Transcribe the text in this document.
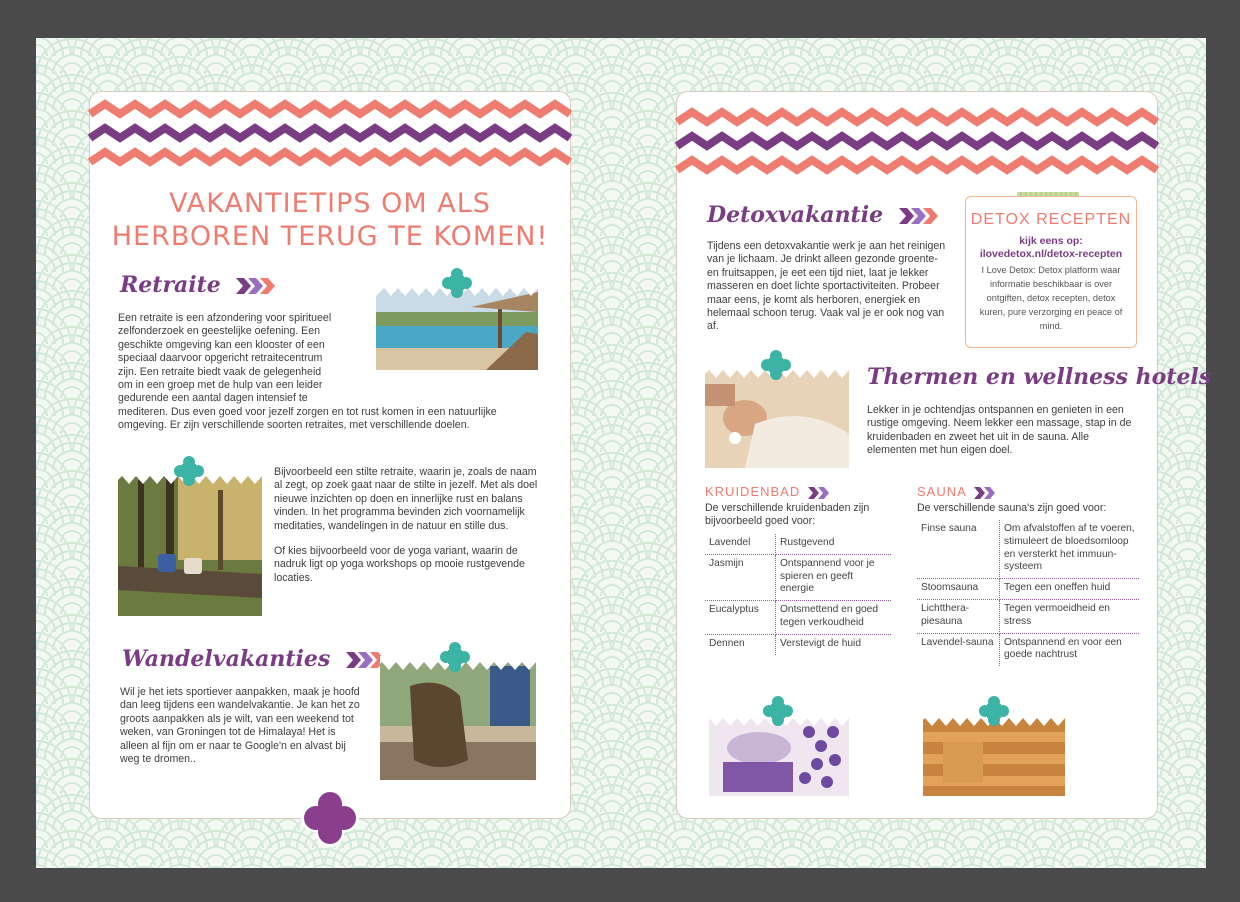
VAKANTIETIPS OM ALS
HERBOREN TERUG TE KOMEN!
Retraite
Een retraite is een afzondering voor spiritueel
zelfonderzoek en geestelijke oefening. Een
geschikte omgeving kan een klooster of een
speciaal daarvoor opgericht retraitecentrum
zijn. Een retraite biedt vaak de gelegenheid
om in een groep met de hulp van een leider
gedurende een aantal dagen intensief te
mediteren. Dus even goed voor jezelf zorgen en tot rust komen in een natuurlijke
omgeving. Er zijn verschillende soorten retraites, met verschillende doelen.
Bijvoorbeeld een stilte retraite, waarin je, zoals de naam al zegt, op zoek gaat naar de stilte in jezelf. Met als doel nieuwe inzichten op doen en innerlijke rust en balans vinden. In het programma bevinden zich voornamelijk meditaties, wandelingen in de natuur en stille dus.
Of kies bijvoorbeeld voor de yoga variant, waarin de nadruk ligt op yoga workshops op mooie rustgevende locaties.
Wandelvakanties
Wil je het iets sportiever aanpakken, maak je hoofd dan leeg tijdens een wandelvakantie. Je kan het zo groots aanpakken als je wilt, van een weekend tot weken, van Groningen tot de Himalaya! Het is alleen al fijn om er naar te Google'n en alvast bij weg te dromen..
Detoxvakantie
Tijdens een detoxvakantie werk je aan het reinigen van je lichaam. Je drinkt alleen gezonde groente- en fruitsappen, je eet een tijd niet, laat je lekker masseren en doet lichte sportactiviteiten. Probeer maar eens, je komt als herboren, energiek en helemaal schoon terug. Vaak val je er ook nog van af.
DETOX RECEPTEN
kijk eens op:
ilovedetox.nl/detox-recepten
I Love Detox: Detox platform waar informatie beschikbaar is over ontgiften, detox recepten, detox kuren, pure verzorging en peace of mind.
Thermen en wellness hotels
Lekker in je ochtendjas ontspannen en genieten in een rustige omgeving. Neem lekker een massage, stap in de kruidenbaden en zweet het uit in de sauna. Alle elementen met hun eigen doel.
KRUIDENBAD
De verschillende kruidenbaden zijn bijvoorbeeld goed voor:
Lavendel	Rustgevend
Jasmijn	Ontspannend voor je spieren en geeft energie
Eucalyptus	Ontsmettend en goed tegen verkoudheid
Dennen	Verstevigt de huid
SAUNA
De verschillende sauna's zijn goed voor:
Finse sauna	Om afvalstoffen af te voeren, stimuleert de bloedsomloop en versterkt het immuun-systeem
Stoomsauna	Tegen een oneffen huid
Lichtthera-piesauna	Tegen vermoeidheid en stress
Lavendel-sauna	Ontspannend en voor een goede nachtrust
